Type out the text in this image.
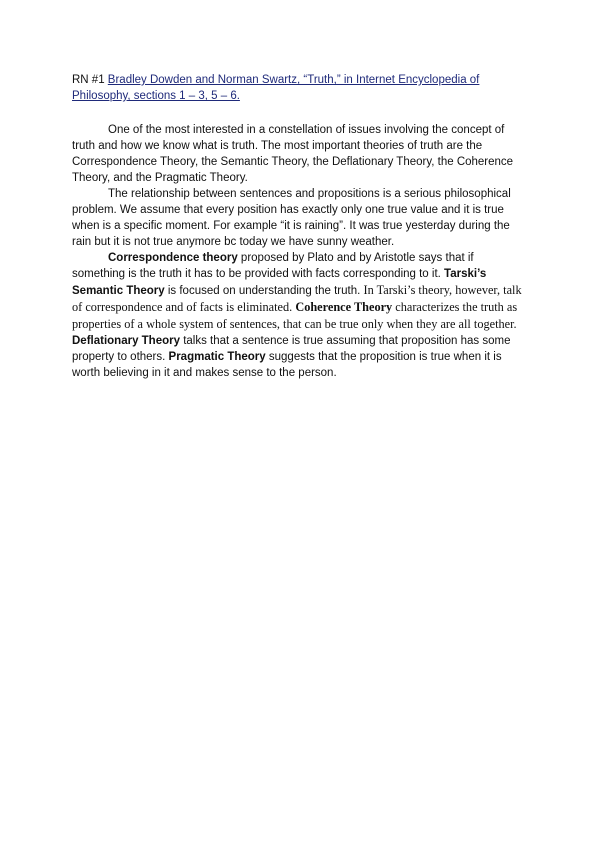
RN #1 Bradley Dowden and Norman Swartz, “Truth,” in Internet Encyclopedia of Philosophy, sections 1 – 3, 5 – 6.

One of the most interested in a constellation of issues involving the concept of truth and how we know what is truth. The most important theories of truth are the Correspondence Theory, the Semantic Theory, the Deflationary Theory, the Coherence Theory, and the Pragmatic Theory.

The relationship between sentences and propositions is a serious philosophical problem. We assume that every position has exactly only one true value and it is true when is a specific moment. For example “it is raining”. It was true yesterday during the rain but it is not true anymore bc today we have sunny weather.

Correspondence theory proposed by Plato and by Aristotle says that if something is the truth it has to be provided with facts corresponding to it. Tarski’s Semantic Theory is focused on understanding the truth. In Tarski’s theory, however, talk of correspondence and of facts is eliminated. Coherence Theory characterizes the truth as properties of a whole system of sentences, that can be true only when they are all together. Deflationary Theory talks that a sentence is true assuming that proposition has some property to others. Pragmatic Theory suggests that the proposition is true when it is worth believing in it and makes sense to the person.
